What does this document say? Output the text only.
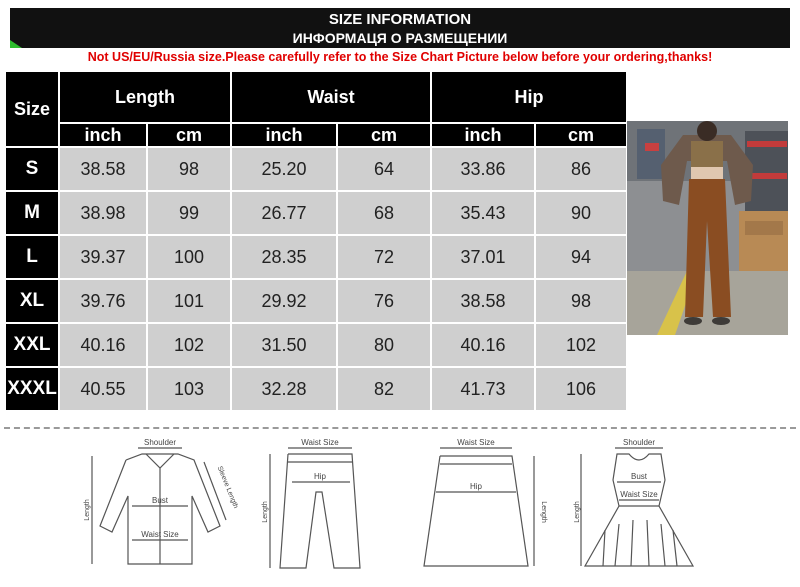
SIZE INFORMATION
ИНФОРМАЦЯ О РАЗМЕЩЕНИИ
Not US/EU/Russia size.Please carefully refer to the Size Chart Picture below before your ordering,thanks!
Size	Length		Waist		Hip	
	inch	cm	inch	cm	inch	cm
S	38.58	98	25.20	64	33.86	86
M	38.98	99	26.77	68	35.43	90
L	39.37	100	28.35	72	37.01	94
XL	39.76	101	29.92	76	38.58	98
XXL	40.16	102	31.50	80	40.16	102
XXXL	40.55	103	32.28	82	41.73	106
Shoulder
Bust
Waist Size
Length
Sleeve Length
Waist Size
Hip
Length
Waist Size
Hip
Length
Shoulder
Bust
Waist Size
Length
